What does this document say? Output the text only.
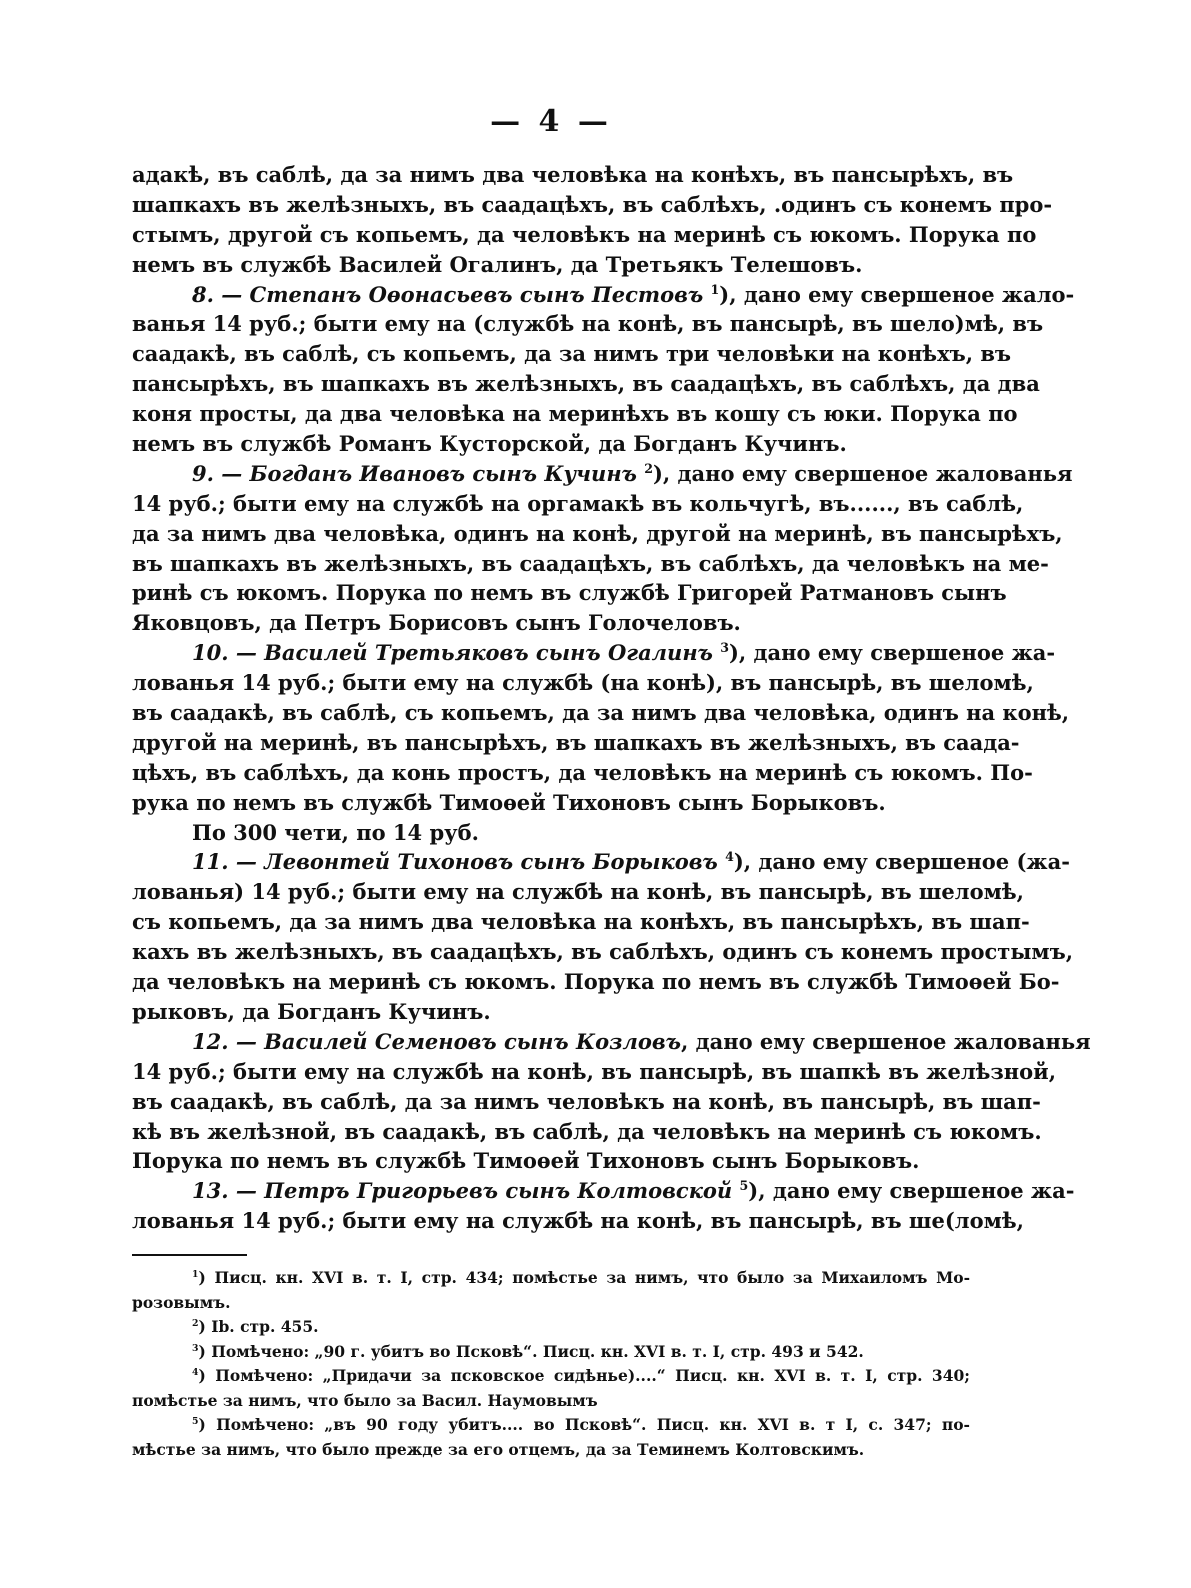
— 4 —
адакѣ, въ саблѣ, да за нимъ два человѣка на конѣхъ, въ пансырѣхъ, въ
шапкахъ въ желѣзныхъ, въ саадацѣхъ, въ саблѣхъ, .одинъ съ конемъ про-
стымъ, другой съ копьемъ, да человѣкъ на меринѣ съ юкомъ. Порука по
немъ въ службѣ Василей Огалинъ, да Третьякъ Телешовъ.
8. — Степанъ Оѳонасьевъ сынъ Пестовъ $^1$), дано ему свершеное жало-
ванья 14 руб.; быти ему на (службѣ на конѣ, въ пансырѣ, въ шело)мѣ, въ
саадакѣ, въ саблѣ, съ копьемъ, да за нимъ три человѣки на конѣхъ, въ
пансырѣхъ, въ шапкахъ въ желѣзныхъ, въ саадацѣхъ, въ саблѣхъ, да два
коня просты, да два человѣка на меринѣхъ въ кошу съ юки. Порука по
немъ въ службѣ Романъ Кусторской, да Богданъ Кучинъ.
9. — Богданъ Ивановъ сынъ Кучинъ $^2$), дано ему свершеное жалованья
14 руб.; быти ему на службѣ на оргамакѣ въ кольчугѣ, въ......, въ саблѣ,
да за нимъ два человѣка, одинъ на конѣ, другой на меринѣ, въ пансырѣхъ,
въ шапкахъ въ желѣзныхъ, въ саадацѣхъ, въ саблѣхъ, да человѣкъ на ме-
ринѣ съ юкомъ. Порука по немъ въ службѣ Григорей Ратмановъ сынъ
Яковцовъ, да Петръ Борисовъ сынъ Голочеловъ.
10. — Василей Третьяковъ сынъ Огалинъ $^3$), дано ему свершеное жа-
лованья 14 руб.; быти ему на службѣ (на конѣ), въ пансырѣ, въ шеломѣ,
въ саадакѣ, въ саблѣ, съ копьемъ, да за нимъ два человѣка, одинъ на конѣ,
другой на меринѣ, въ пансырѣхъ, въ шапкахъ въ желѣзныхъ, въ саада-
цѣхъ, въ саблѣхъ, да конь простъ, да человѣкъ на меринѣ съ юкомъ. По-
рука по немъ въ службѣ Тимоѳей Тихоновъ сынъ Борыковъ.
По 300 чети, по 14 руб.
11. — Левонтей Тихоновъ сынъ Борыковъ $^4$), дано ему свершеное (жа-
лованья) 14 руб.; быти ему на службѣ на конѣ, въ пансырѣ, въ шеломѣ,
съ копьемъ, да за нимъ два человѣка на конѣхъ, въ пансырѣхъ, въ шап-
кахъ въ желѣзныхъ, въ саадацѣхъ, въ саблѣхъ, одинъ съ конемъ простымъ,
да человѣкъ на меринѣ съ юкомъ. Порука по немъ въ службѣ Тимоѳей Бо-
рыковъ, да Богданъ Кучинъ.
12. — Василей Семеновъ сынъ Козловъ, дано ему свершеное жалованья
14 руб.; быти ему на службѣ на конѣ, въ пансырѣ, въ шапкѣ въ желѣзной,
въ саадакѣ, въ саблѣ, да за нимъ человѣкъ на конѣ, въ пансырѣ, въ шап-
кѣ въ желѣзной, въ саадакѣ, въ саблѣ, да человѣкъ на меринѣ съ юкомъ.
Порука по немъ въ службѣ Тимоѳей Тихоновъ сынъ Борыковъ.
13. — Петръ Григорьевъ сынъ Колтовской $^5$), дано ему свершеное жа-
лованья 14 руб.; быти ему на службѣ на конѣ, въ пансырѣ, въ ше(ломѣ,
$^1$) Писц. кн. XVI в. т. I, стр. 434; помѣстье за нимъ, что было за Михаиломъ Мо-
розовымъ.
$^2$) Ib. стр. 455.
$^3$) Помѣчено: „90 г. убитъ во Псковѣ“. Писц. кн. XVI в. т. I, стр. 493 и 542.
$^4$) Помѣчено: „Придачи за псковское сидѣнье)....“ Писц. кн. XVI в. т. I, стр. 340;
помѣстье за нимъ, что было за Васил. Наумовымъ
$^5$) Помѣчено: „въ 90 году убитъ.... во Псковѣ“. Писц. кн. XVI в. т I, с. 347; по-
мѣстье за нимъ, что было прежде за его отцемъ, да за Теминемъ Колтовскимъ.
